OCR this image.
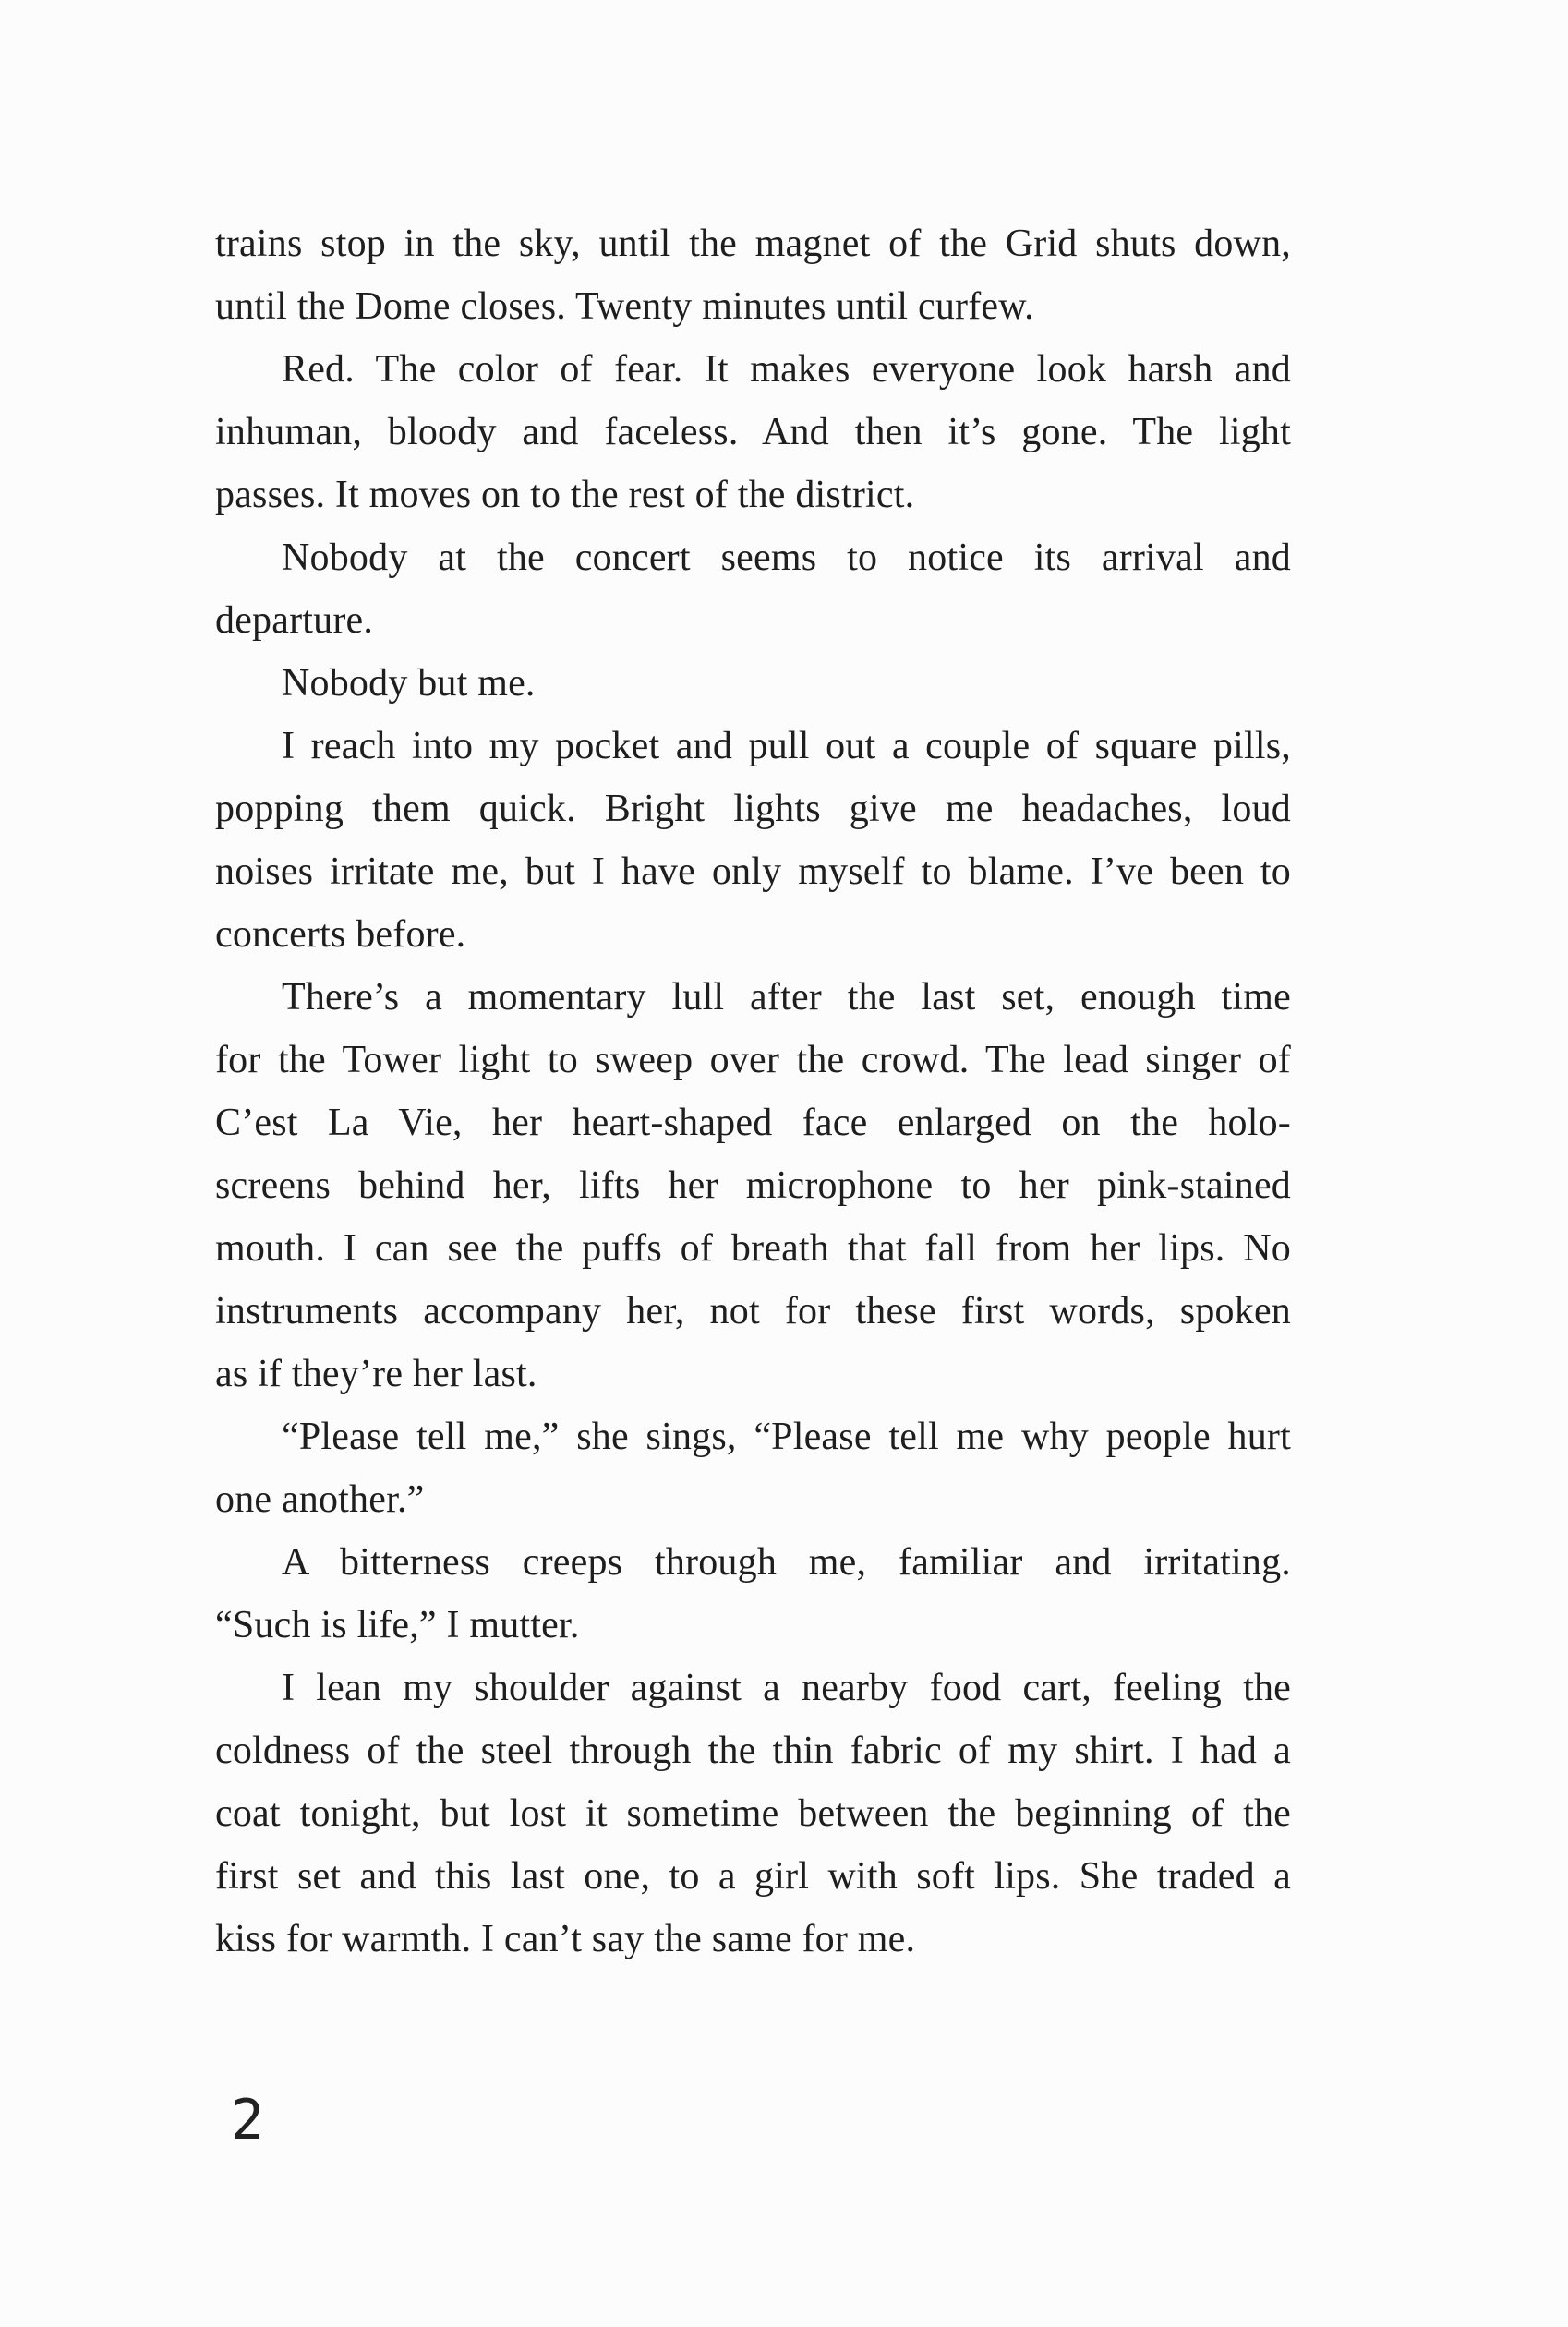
trains stop in the sky, until the magnet of the Grid shuts down,
until the Dome closes. Twenty minutes until curfew.
Red. The color of fear. It makes everyone look harsh and
inhuman, bloody and faceless. And then it’s gone. The light
passes. It moves on to the rest of the district.
Nobody at the concert seems to notice its arrival and
departure.
Nobody but me.
I reach into my pocket and pull out a couple of square pills,
popping them quick. Bright lights give me headaches, loud
noises irritate me, but I have only myself to blame. I’ve been to
concerts before.
There’s a momentary lull after the last set, enough time
for the Tower light to sweep over the crowd. The lead singer of
C’est La Vie, her heart-shaped face enlarged on the holo-
screens behind her, lifts her microphone to her pink-stained
mouth. I can see the puffs of breath that fall from her lips. No
instruments accompany her, not for these first words, spoken
as if they’re her last.
“Please tell me,” she sings, “Please tell me why people hurt
one another.”
A bitterness creeps through me, familiar and irritating.
“Such is life,” I mutter.
I lean my shoulder against a nearby food cart, feeling the
coldness of the steel through the thin fabric of my shirt. I had a
coat tonight, but lost it sometime between the beginning of the
first set and this last one, to a girl with soft lips. She traded a
kiss for warmth. I can’t say the same for me.
2
